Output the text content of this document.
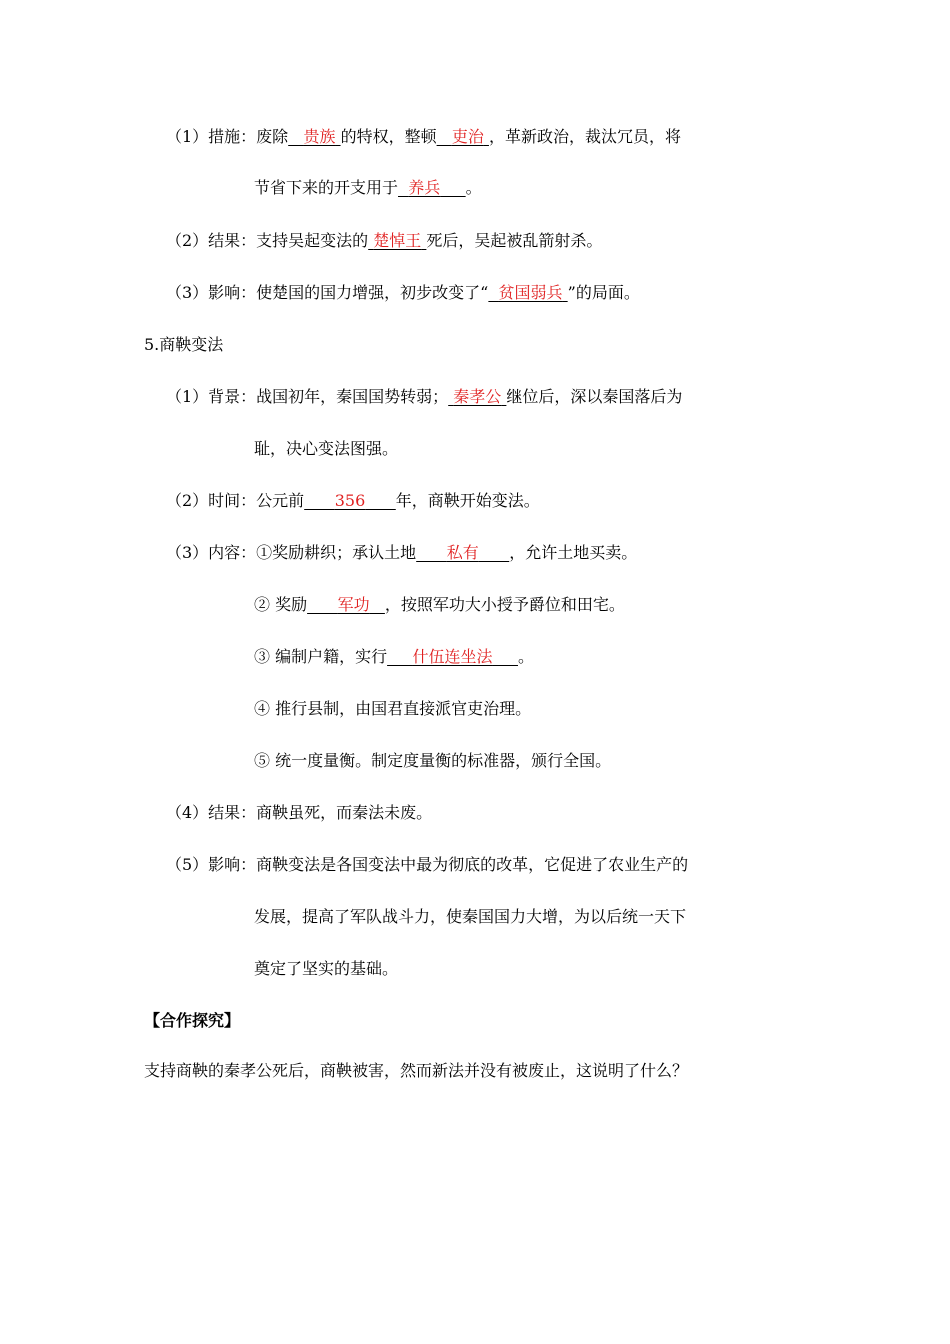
（1）措施：废除 贵族 的特权，整顿 吏治 ，革新政治，裁汰冗员，将
节省下来的开支用于 养兵 。
（2）结果：支持吴起变法的 楚悼王 死后，吴起被乱箭射杀。
（3）影响：使楚国的国力增强，初步改变了“ 贫国弱兵 ”的局面。
5.商鞅变法
（1）背景：战国初年，秦国国势转弱； 秦孝公 继位后，深以秦国落后为
耻，决心变法图强。
（2）时间：公元前 356 年，商鞅开始变法。
（3）内容：①奖励耕织；承认土地 私有 ，允许土地买卖。
② 奖励 军功 ，按照军功大小授予爵位和田宅。
③ 编制户籍，实行 什伍连坐法 。
④ 推行县制，由国君直接派官吏治理。
⑤ 统一度量衡。制定度量衡的标准器，颁行全国。
（4）结果：商鞅虽死，而秦法未废。
（5）影响：商鞅变法是各国变法中最为彻底的改革，它促进了农业生产的
发展，提高了军队战斗力，使秦国国力大增，为以后统一天下
奠定了坚实的基础。
【合作探究】
支持商鞅的秦孝公死后，商鞅被害，然而新法并没有被废止，这说明了什么？
